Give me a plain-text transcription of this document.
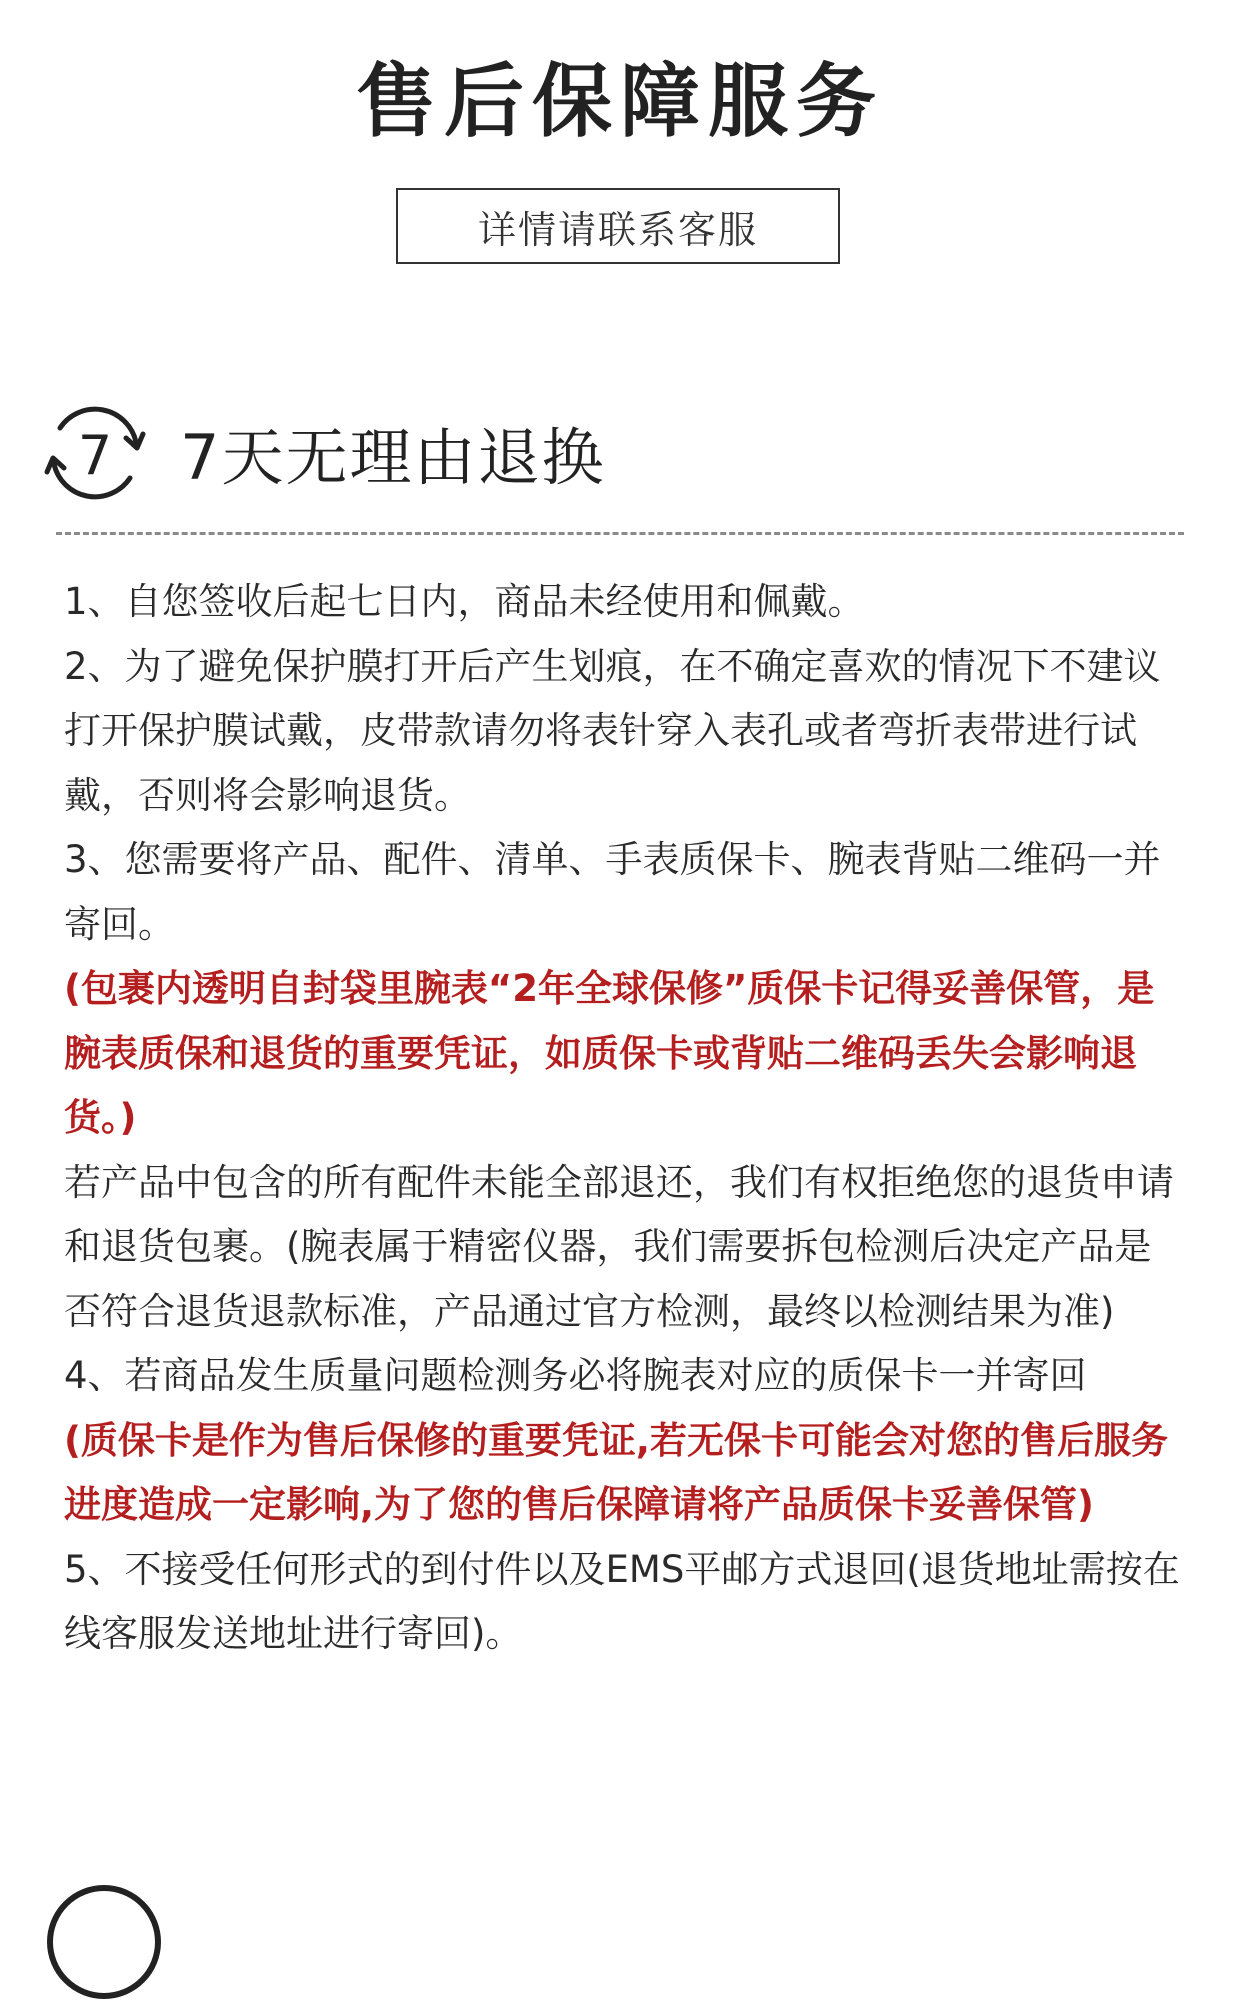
售后保障服务
详情请联系客服
7 7天无理由退换

1、自您签收后起七日内，商品未经使用和佩戴。

2、为了避免保护膜打开后产生划痕，在不确定喜欢的情况下不建议打开保护膜试戴，皮带款请勿将表针穿入表孔或者弯折表带进行试戴，否则将会影响退货。

3、您需要将产品、配件、清单、手表质保卡、腕表背贴二维码一并寄回。

(包裹内透明自封袋里腕表“2年全球保修”质保卡记得妥善保管，是腕表质保和退货的重要凭证，如质保卡或背贴二维码丢失会影响退货。)

若产品中包含的所有配件未能全部退还，我们有权拒绝您的退货申请和退货包裹。(腕表属于精密仪器，我们需要拆包检测后决定产品是否符合退货退款标准，产品通过官方检测，最终以检测结果为准)

4、若商品发生质量问题检测务必将腕表对应的质保卡一并寄回

(质保卡是作为售后保修的重要凭证,若无保卡可能会对您的售后服务进度造成一定影响,为了您的售后保障请将产品质保卡妥善保管)

5、不接受任何形式的到付件以及EMS平邮方式退回(退货地址需按在线客服发送地址进行寄回)。
